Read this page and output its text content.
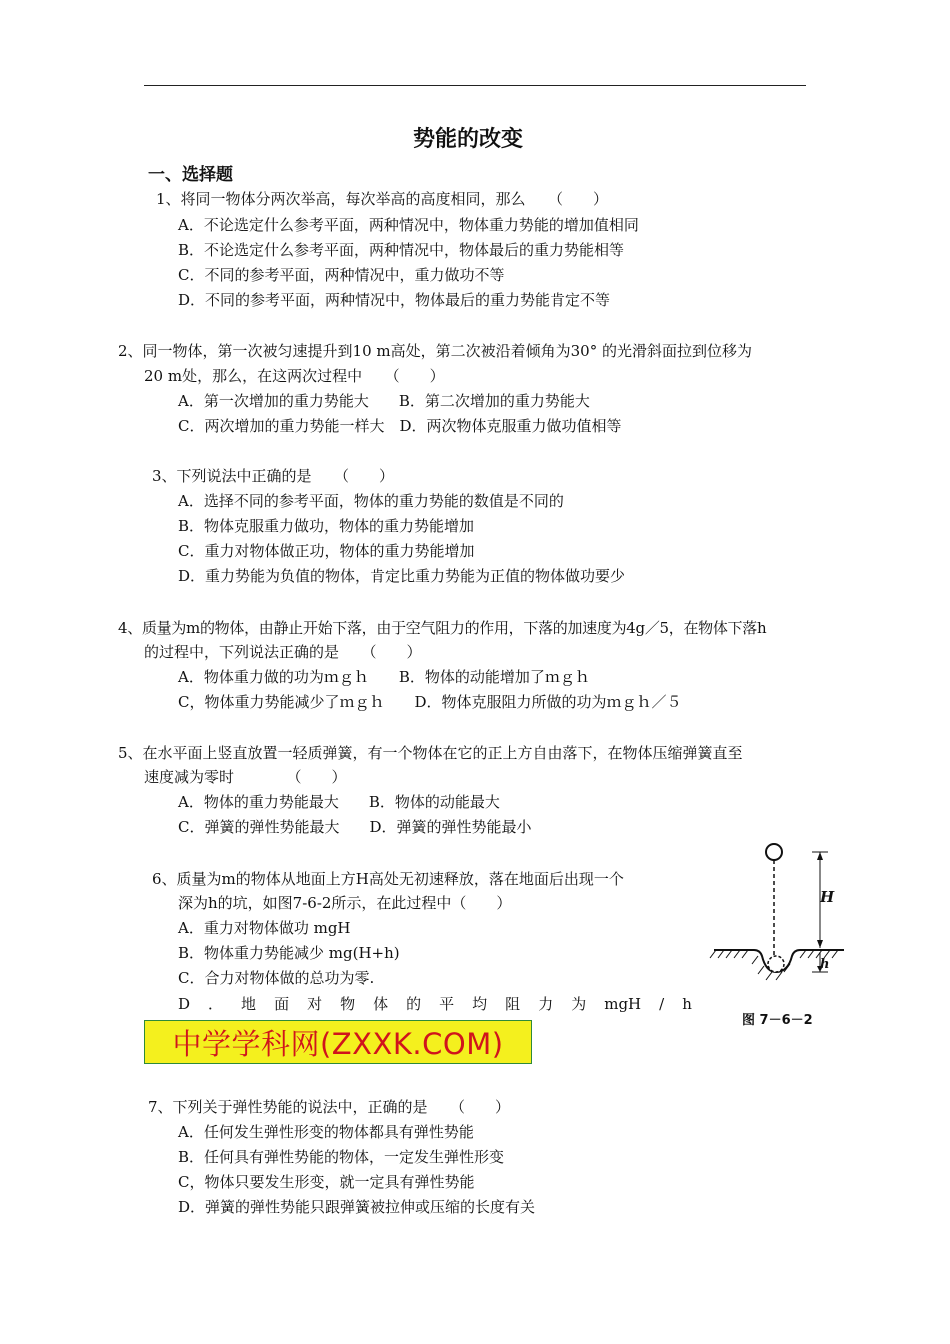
势能的改变
一、选择题
1、将同一物体分两次举高，每次举高的高度相同，那么　　（　　）
A．不论选定什么参考平面，两种情况中，物体重力势能的增加值相同
B．不论选定什么参考平面，两种情况中，物体最后的重力势能相等
C．不同的参考平面，两种情况中，重力做功不等
D．不同的参考平面，两种情况中，物体最后的重力势能肯定不等
2、同一物体，第一次被匀速提升到10 m高处，第二次被沿着倾角为30° 的光滑斜面拉到位移为
20 m处，那么，在这两次过程中　　（　　）
A．第一次增加的重力势能大　　B．第二次增加的重力势能大
C．两次增加的重力势能一样大　D．两次物体克服重力做功值相等
3、下列说法中正确的是　　（　　）
A．选择不同的参考平面，物体的重力势能的数值是不同的
B．物体克服重力做功，物体的重力势能增加
C．重力对物体做正功，物体的重力势能增加
D．重力势能为负值的物体，肯定比重力势能为正值的物体做功要少
4、质量为m的物体，由静止开始下落，由于空气阻力的作用，下落的加速度为4g／5，在物体下落h
的过程中，下列说法正确的是　　（　　）
A．物体重力做的功为ｍｇｈ　　B．物体的动能增加了ｍｇｈ
C，物体重力势能减少了ｍｇｈ　　D．物体克服阻力所做的功为ｍｇｈ／５
5、在水平面上竖直放置一轻质弹簧，有一个物体在它的正上方自由落下，在物体压缩弹簧直至
速度减为零时　　　　（　　）
A．物体的重力势能最大　　B．物体的动能最大
C．弹簧的弹性势能最大　　D．弹簧的弹性势能最小
6、质量为m的物体从地面上方H高处无初速释放，落在地面后出现一个
深为h的坑，如图7-6-2所示，在此过程中（　　）
A．重力对物体做功 mgH
B．物体重力势能减少 mg(H+h)
C．合力对物体做的总功为零.
D ． 地 面 对 物 体 的 平 均 阻 力 为 mgH / h
H
h
图 7－6－2
中学学科网(ZXXK.COM)
7、下列关于弹性势能的说法中，正确的是　　（　　）
A．任何发生弹性形变的物体都具有弹性势能
B．任何具有弹性势能的物体，一定发生弹性形变
C，物体只要发生形变，就一定具有弹性势能
D．弹簧的弹性势能只跟弹簧被拉伸或压缩的长度有关
